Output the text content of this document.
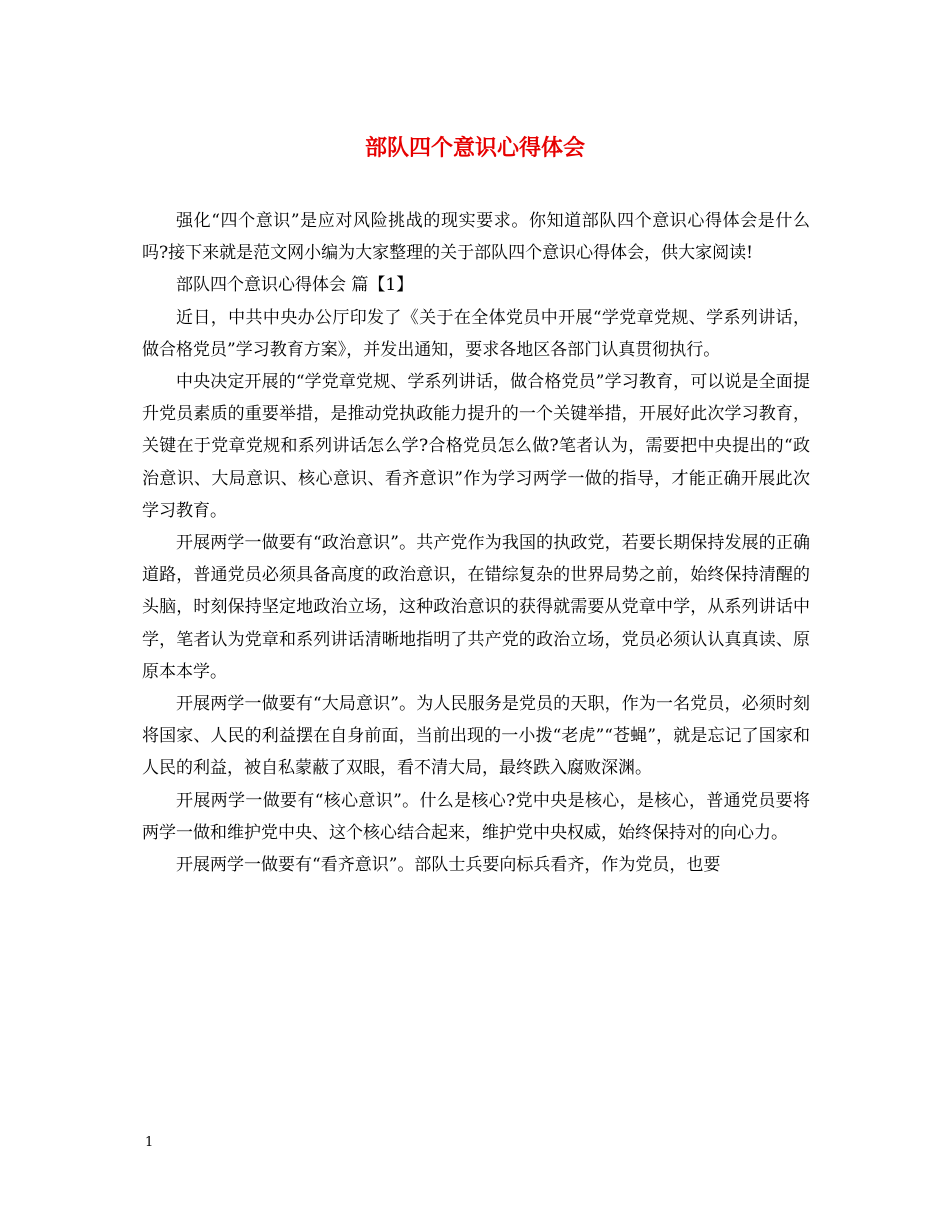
部队四个意识心得体会

强化“四个意识”是应对风险挑战的现实要求。你知道部队四个意识心得体会是什么吗?接下来就是范文网小编为大家整理的关于部队四个意识心得体会，供大家阅读!

部队四个意识心得体会 篇【1】

近日，中共中央办公厅印发了《关于在全体党员中开展“学党章党规、学系列讲话，做合格党员”学习教育方案》，并发出通知，要求各地区各部门认真贯彻执行。

中央决定开展的“学党章党规、学系列讲话，做合格党员”学习教育，可以说是全面提升党员素质的重要举措，是推动党执政能力提升的一个关键举措，开展好此次学习教育，关键在于党章党规和系列讲话怎么学?合格党员怎么做?笔者认为，需要把中央提出的“政治意识、大局意识、核心意识、看齐意识”作为学习两学一做的指导，才能正确开展此次学习教育。

开展两学一做要有“政治意识”。共产党作为我国的执政党，若要长期保持发展的正确道路，普通党员必须具备高度的政治意识，在错综复杂的世界局势之前，始终保持清醒的头脑，时刻保持坚定地政治立场，这种政治意识的获得就需要从党章中学，从系列讲话中学，笔者认为党章和系列讲话清晰地指明了共产党的政治立场，党员必须认认真真读、原原本本学。

开展两学一做要有“大局意识”。为人民服务是党员的天职，作为一名党员，必须时刻将国家、人民的利益摆在自身前面，当前出现的一小拨“老虎”“苍蝇”，就是忘记了国家和人民的利益，被自私蒙蔽了双眼，看不清大局，最终跌入腐败深渊。

开展两学一做要有“核心意识”。什么是核心?党中央是核心，是核心，普通党员要将两学一做和维护党中央、这个核心结合起来，维护党中央权威，始终保持对的向心力。

开展两学一做要有“看齐意识”。部队士兵要向标兵看齐，作为党员，也要

1
